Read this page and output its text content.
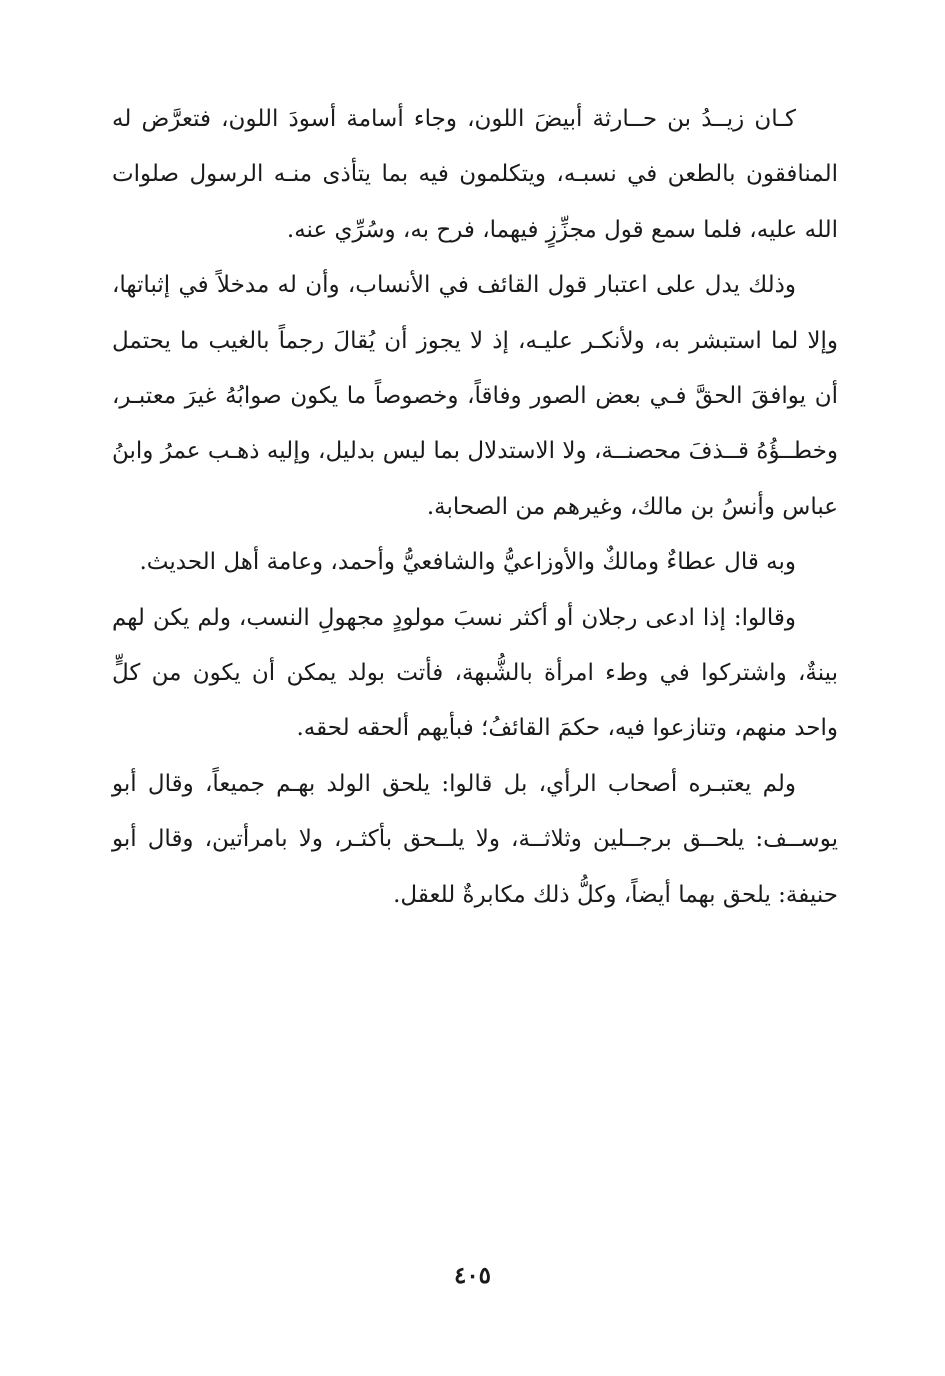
كـان زيــدُ بن حــارثة أبيضَ اللون، وجاء أسامة أسودَ اللون، فتعرَّض له المنافقون بالطعن في نسبـه، ويتكلمون فيه بما يتأذى منـه الرسول صلوات الله عليه، فلما سمع قول مجزِّزٍ فيهما، فرح به، وسُرِّي عنه.

وذلك يدل على اعتبار قول القائف في الأنساب، وأن له مدخلاً في إثباتها، وإلا لما استبشر به، ولأنكـر عليـه، إذ لا يجوز أن يُقالَ رجماً بالغيب ما يحتمل أن يوافقَ الحقَّ فـي بعض الصور وفاقاً، وخصوصاً ما يكون صوابُهُ غيرَ معتبـر، وخطــؤُهُ قــذفَ محصنــة، ولا الاستدلال بما ليس بدليل، وإليه ذهـب عمرُ وابنُ عباس وأنسُ بن مالك، وغيرهم من الصحابة.

وبه قال عطاءٌ ومالكٌ والأوزاعيُّ والشافعيُّ وأحمد، وعامة أهل الحديث.

وقالوا: إذا ادعى رجلان أو أكثر نسبَ مولودٍ مجهولِ النسب، ولم يكن لهم بينةٌ، واشتركوا في وطء امرأة بالشُّبهة، فأتت بولد يمكن أن يكون من كلٍّ واحد منهم، وتنازعوا فيه، حكمَ القائفُ؛ فبأيهم ألحقه لحقه.

ولم يعتبـره أصحاب الرأي، بل قالوا: يلحق الولد بهـم جميعاً، وقال أبو يوســف: يلحــق برجــلين وثلاثــة، ولا يلــحق بأكثـر، ولا بامرأتين، وقال أبو حنيفة: يلحق بهما أيضاً، وكلُّ ذلك مكابرةٌ للعقل.

٤٠٥
